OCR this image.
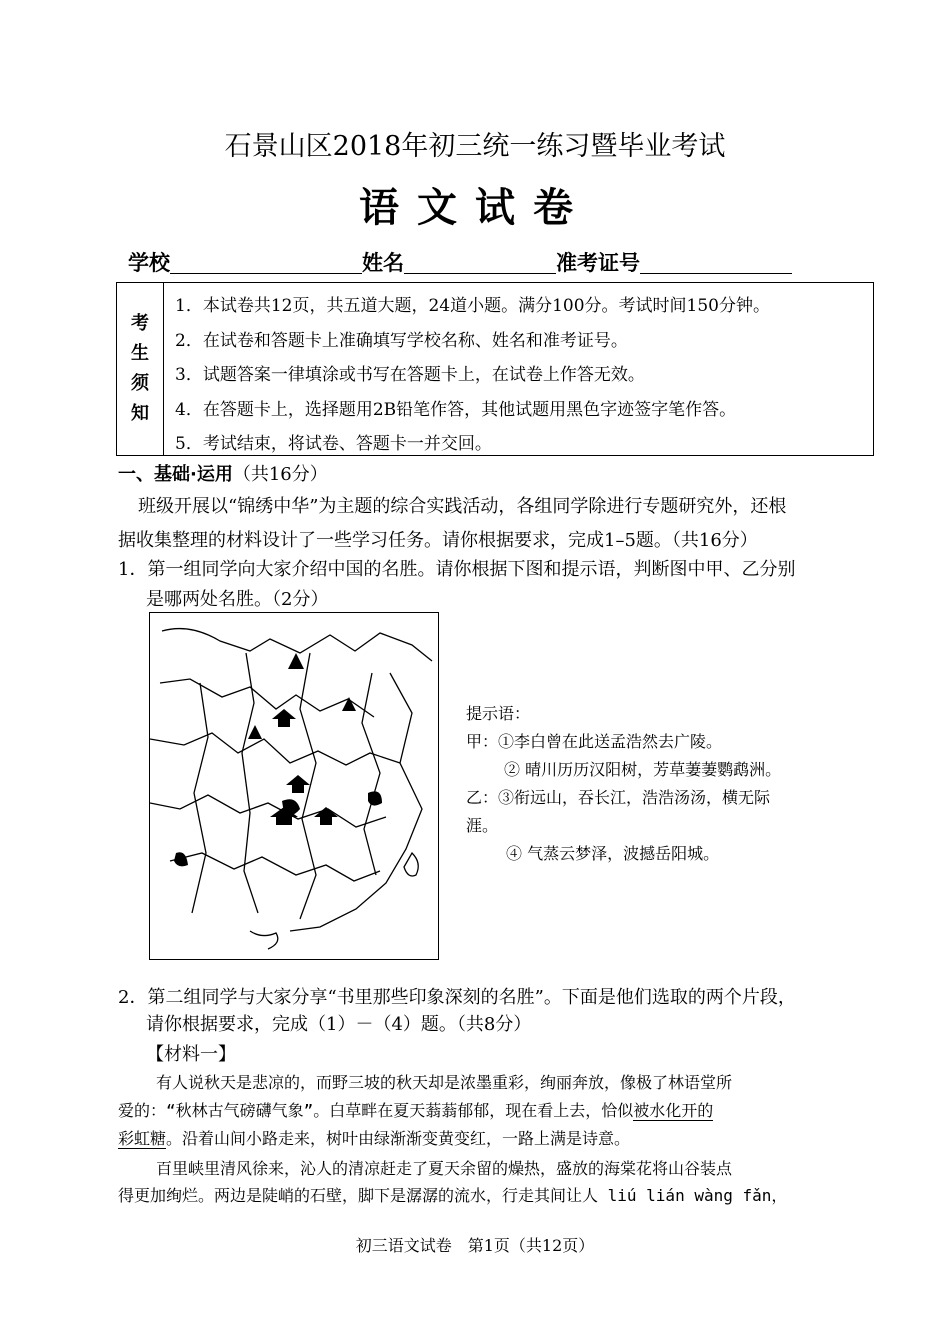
石景山区2018年初三统一练习暨毕业考试
语文试卷
学校	姓名	准考证号
考
生
须
知
1．本试卷共12页，共五道大题，24道小题。满分100分。考试时间150分钟。
2．在试卷和答题卡上准确填写学校名称、姓名和准考证号。
3．试题答案一律填涂或书写在答题卡上，在试卷上作答无效。
4．在答题卡上，选择题用2B铅笔作答，其他试题用黑色字迹签字笔作答。
5．考试结束，将试卷、答题卡一并交回。
一、基础·运用（共16分）
班级开展以“锦绣中华”为主题的综合实践活动，各组同学除进行专题研究外，还根
据收集整理的材料设计了一些学习任务。请你根据要求，完成1–5题。（共16分）
1．第一组同学向大家介绍中国的名胜。请你根据下图和提示语，判断图中甲、乙分别
是哪两处名胜。（2分）
提示语：
甲：①李白曾在此送孟浩然去广陵。
② 晴川历历汉阳树，芳草萋萋鹦鹉洲。
乙：③衔远山，吞长江，浩浩汤汤，横无际
涯。
④ 气蒸云梦泽，波撼岳阳城。
2．第二组同学与大家分享“书里那些印象深刻的名胜”。下面是他们选取的两个片段，
请你根据要求，完成（1）－（4）题。（共8分）
【材料一】
有人说秋天是悲凉的，而野三坡的秋天却是浓墨重彩，绚丽奔放，像极了林语堂所
爱的：“秋林古气磅礴气象”。白草畔在夏天蓊蓊郁郁，现在看上去，恰似被水化开的
彩虹糖。沿着山间小路走来，树叶由绿渐渐变黄变红，一路上满是诗意。
百里峡里清风徐来，沁人的清凉赶走了夏天余留的燥热，盛放的海棠花将山谷装点
得更加绚烂。两边是陡峭的石壁，脚下是潺潺的流水，行走其间让人 liú lián wàng fǎn，
初三语文试卷　第1页（共12页）
